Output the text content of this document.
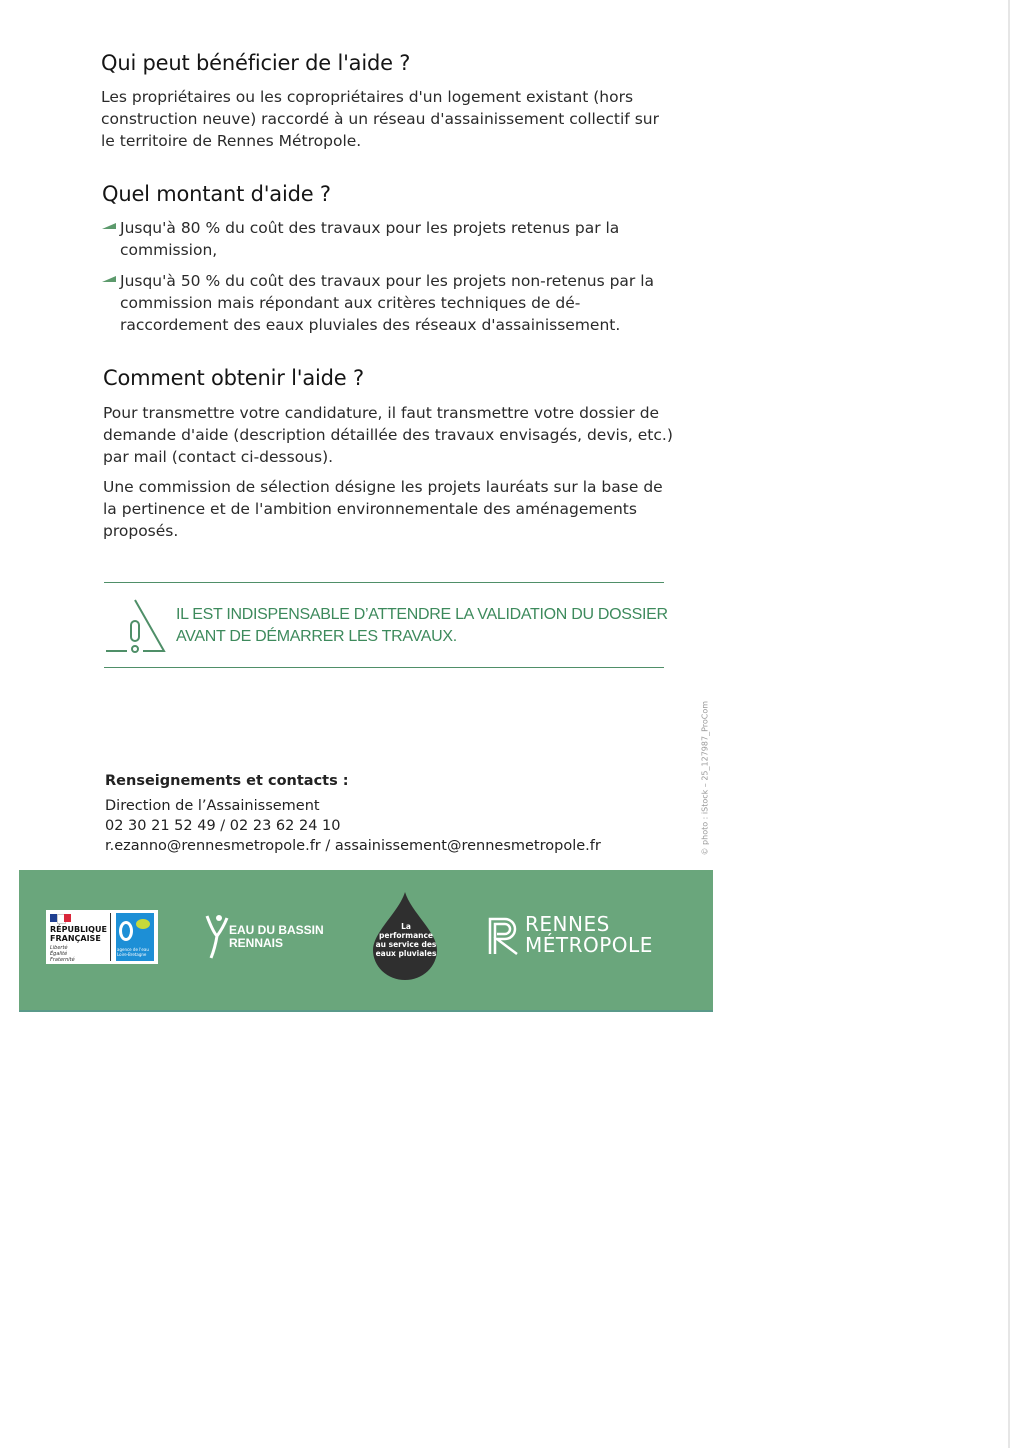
Qui peut bénéficier de l'aide ?

Les propriétaires ou les copropriétaires d'un logement existant (hors construction neuve) raccordé à un réseau d'assainissement collectif sur le territoire de Rennes Métropole.

Quel montant d'aide ?
Jusqu'à 80 % du coût des travaux pour les projets retenus par la commission,
Jusqu'à 50 % du coût des travaux pour les projets non-retenus par la commission mais répondant aux critères techniques de dé-raccordement des eaux pluviales des réseaux d'assainissement.
Comment obtenir l'aide ?

Pour transmettre votre candidature, il faut transmettre votre dossier de demande d'aide (description détaillée des travaux envisagés, devis, etc.) par mail (contact ci-dessous).

Une commission de sélection désigne les projets lauréats sur la base de la pertinence et de l'ambition environnementale des aménagements proposés.

IL EST INDISPENSABLE D’ATTENDRE LA VALIDATION DU DOSSIER
AVANT DE DÉMARRER LES TRAVAUX.
Renseignements et contacts :
Direction de l’Assainissement
02 30 21 52 49 / 02 23 62 24 10
r.ezanno@rennesmetropole.fr / assainissement@rennesmetropole.fr	© photo : iStock – 25_127987_ProCom
RÉPUBLIQUE FRANÇAISE
Liberté Égalité Fraternité
agence de l'eau Loire-Bretagne
EAU DU BASSIN
RENNAIS
La
performance
au service des
eaux pluviales
RENNES
MÉTROPOLE
